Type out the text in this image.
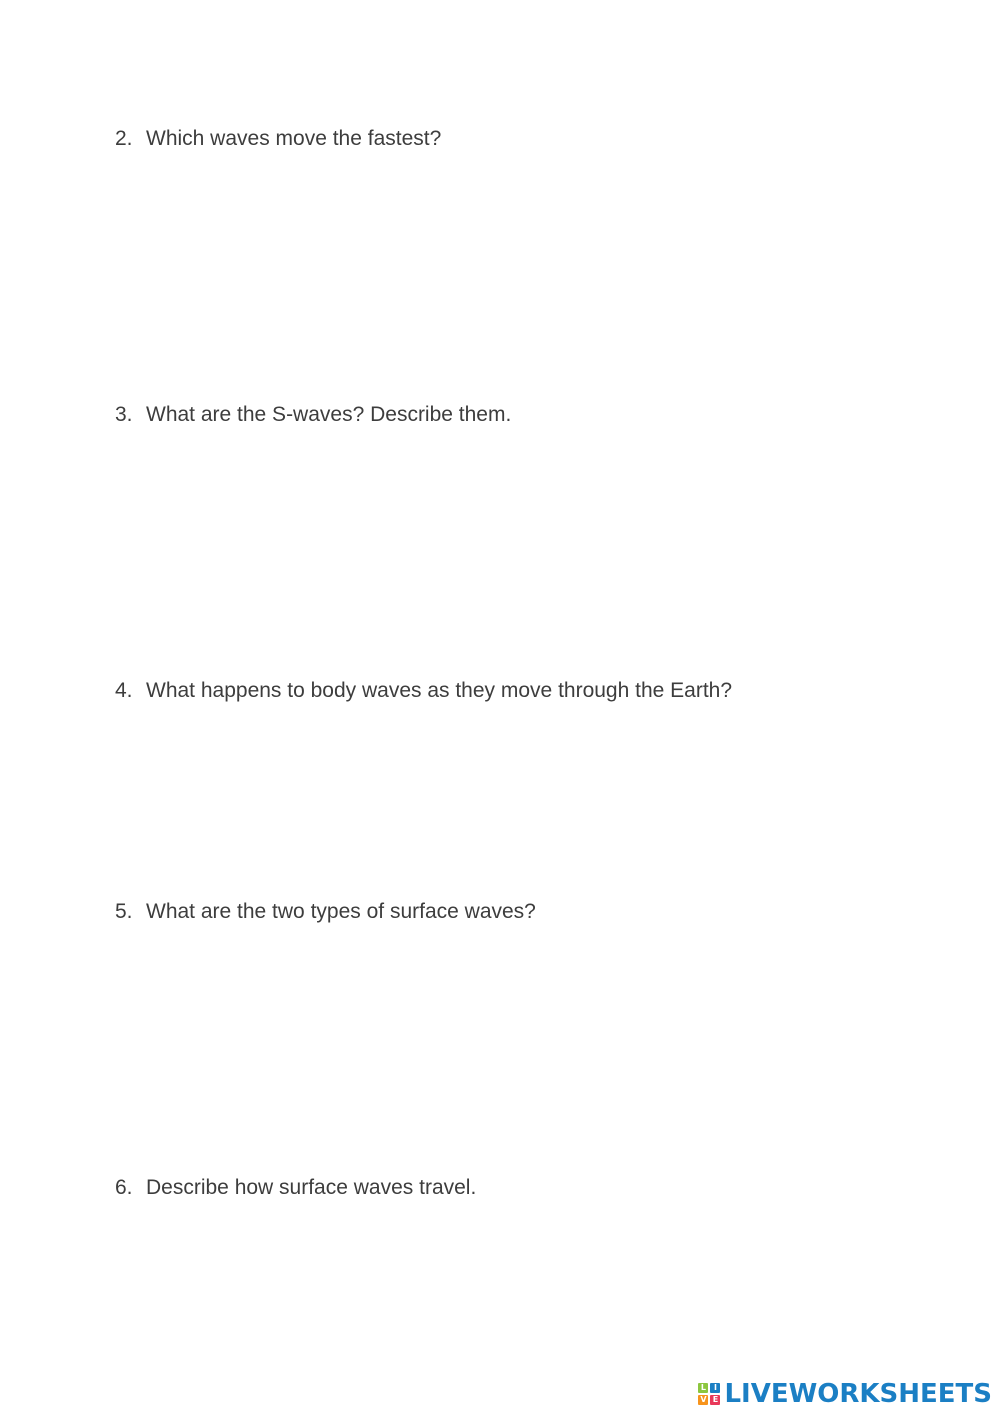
2. Which waves move the fastest?
3. What are the S-waves? Describe them.
4. What happens to body waves as they move through the Earth?
5. What are the two types of surface waves?
6. Describe how surface waves travel.
L I
V E LIVEWORKSHEETS
